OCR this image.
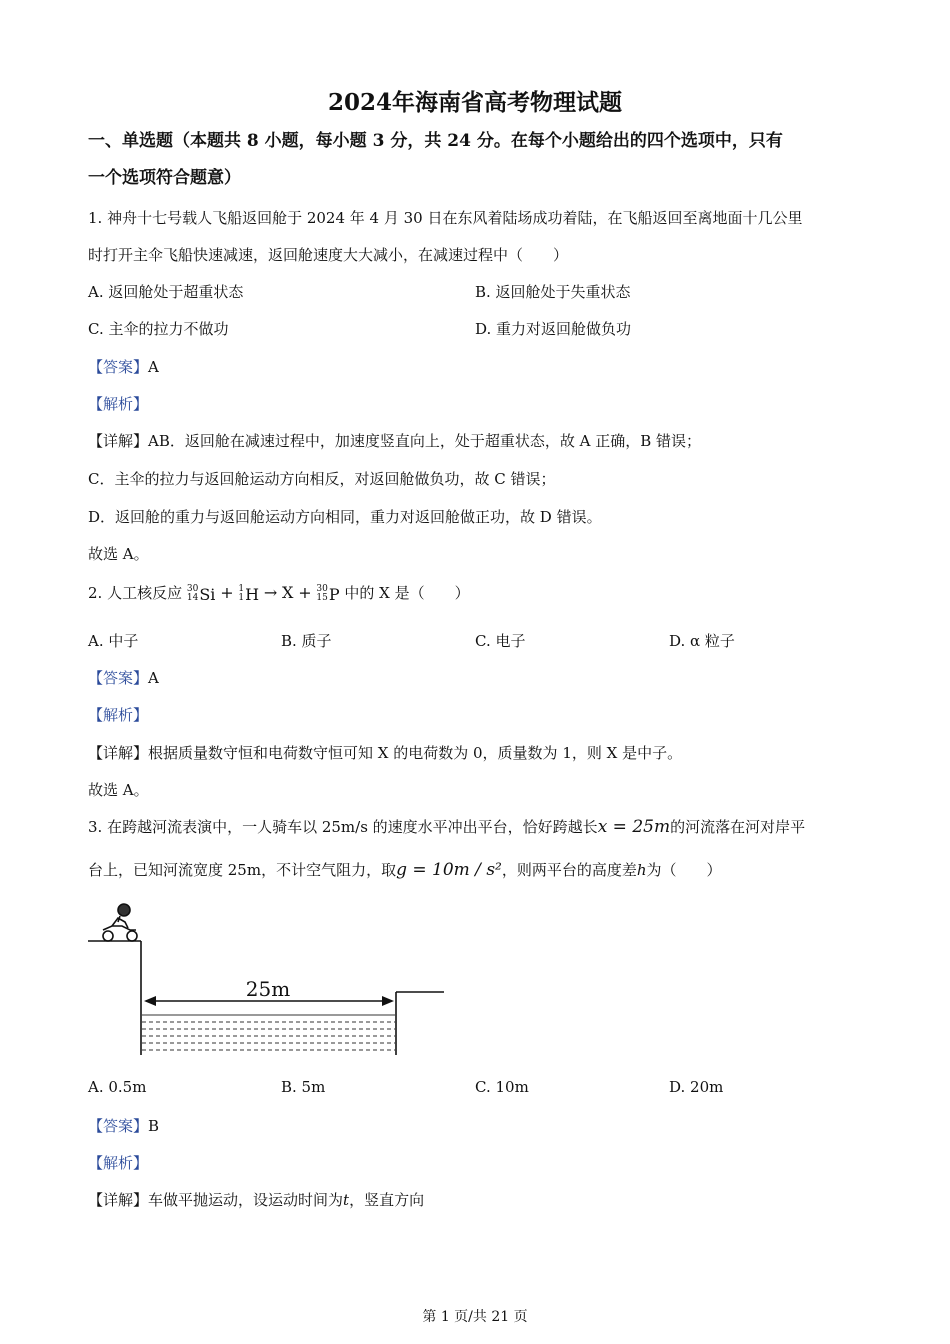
2024年海南省高考物理试题
一、单选题（本题共 8 小题，每小题 3 分，共 24 分。在每个小题给出的四个选项中，只有
一个选项符合题意）
1. 神舟十七号载人飞船返回舱于 2024 年 4 月 30 日在东风着陆场成功着陆，在飞船返回至离地面十几公里
时打开主伞飞船快速减速，返回舱速度大大减小，在减速过程中（　　）
A. 返回舱处于超重状态	B. 返回舱处于失重状态
C. 主伞的拉力不做功	D. 重力对返回舱做负功
【答案】A
【解析】
【详解】AB．返回舱在减速过程中，加速度竖直向上，处于超重状态，故 A 正确，B 错误；
C．主伞的拉力与返回舱运动方向相反，对返回舱做负功，故 C 错误；
D．返回舱的重力与返回舱运动方向相同，重力对返回舱做正功，故 D 错误。
故选 A。
2. 人工核反应 30
14 Si + 1
1 H → X + 30
15 P 中的 X 是（　　）
A. 中子	B. 质子	C. 电子	D. α 粒子
【答案】A
【解析】
【详解】根据质量数守恒和电荷数守恒可知 X 的电荷数为 0，质量数为 1，则 X 是中子。
故选 A。
3. 在跨越河流表演中，一人骑车以 25m/s 的速度水平冲出平台，恰好跨越长x = 25m的河流落在河对岸平
台上，已知河流宽度 25m，不计空气阻力，取g = 10m / s²，则两平台的高度差h为（　　）
25m
A. 0.5m	B. 5m	C. 10m	D. 20m
【答案】B
【解析】
【详解】车做平抛运动，设运动时间为t，竖直方向
第 1 页/共 21 页
